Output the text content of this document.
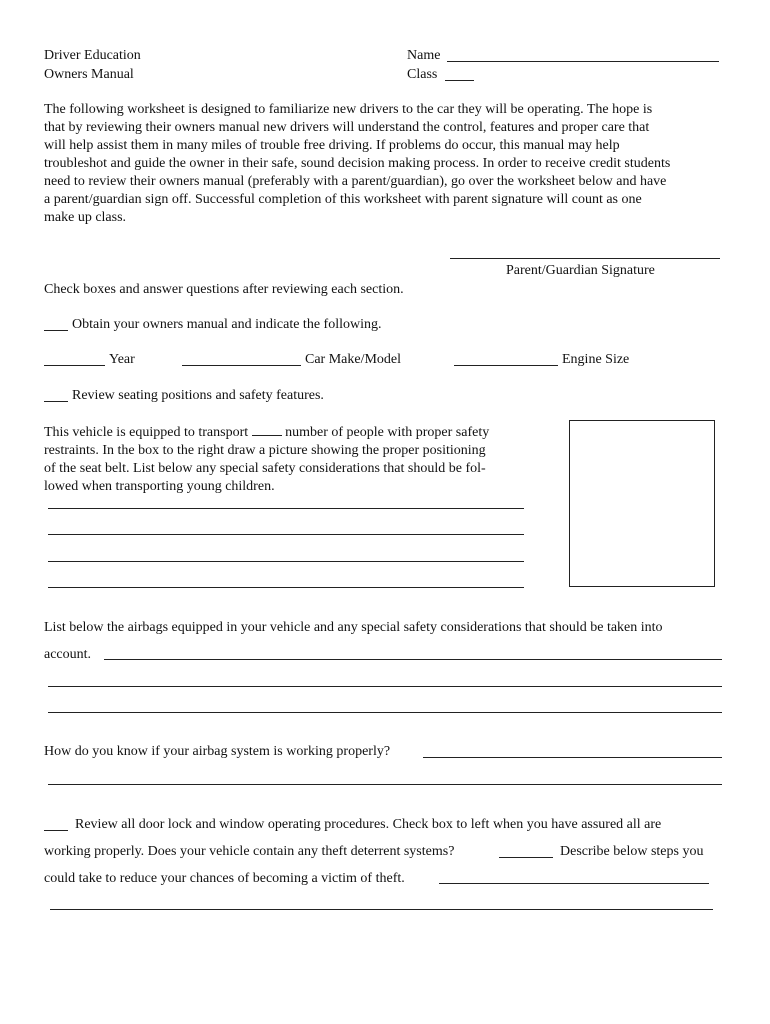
Driver Education
Owners Manual
Name
Class
The following worksheet is designed to familiarize new drivers to the car they will be operating. The hope is
that by reviewing their owners manual new drivers will understand the control, features and proper care that
will help assist them in many miles of trouble free driving. If problems do occur, this manual may help
troubleshot and guide the owner in their safe, sound decision making process. In order to receive credit students
need to review their owners manual (preferably with a parent/guardian), go over the worksheet below and have
a parent/guardian sign off. Successful completion of this worksheet with parent signature will count as one
make up class.
Parent/Guardian Signature
Check boxes and answer questions after reviewing each section.
Obtain your owners manual and indicate the following.
Year	Car Make/Model	Engine Size
Review seating positions and safety features.
This vehicle is equipped to transport	number of people with proper safety
restraints. In the box to the right draw a picture showing the proper positioning
of the seat belt. List below any special safety considerations that should be fol-
lowed when transporting young children.
List below the airbags equipped in your vehicle and any special safety considerations that should be taken into
account.
How do you know if your airbag system is working properly?
Review all door lock and window operating procedures. Check box to left when you have assured all are
working properly. Does your vehicle contain any theft deterrent systems?	Describe below steps you
could take to reduce your chances of becoming a victim of theft.
